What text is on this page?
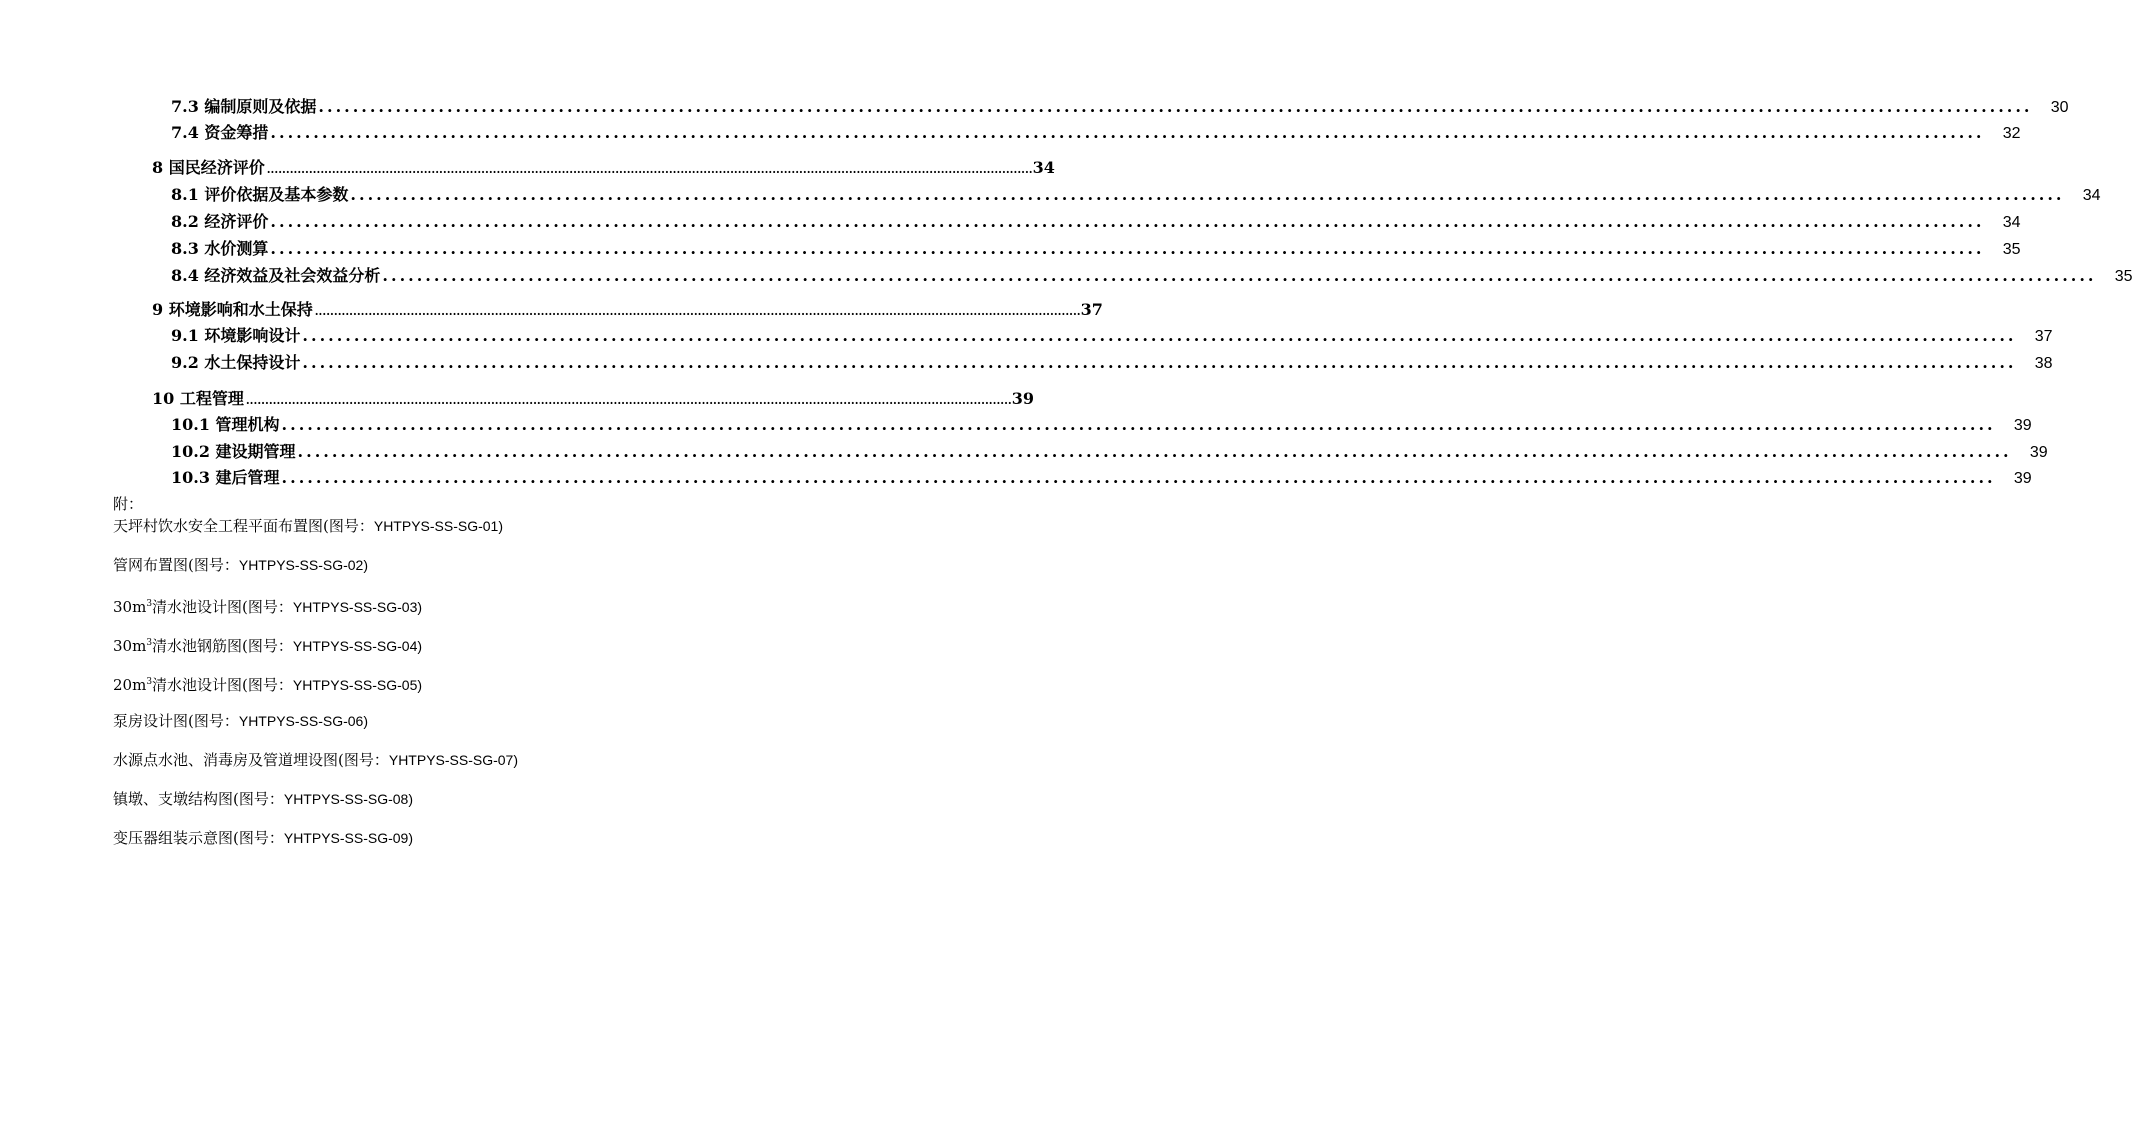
7.3 编制原则及依据 ........................................................................................................................................................................................................	30
7.4 资金筹措 ........................................................................................................................................................................................................	32
8 国民经济评价 ........................................................................................................................................................................................................ 34
8.1 评价依据及基本参数 ........................................................................................................................................................................................................	34
8.2 经济评价 ........................................................................................................................................................................................................	34
8.3 水价测算 ........................................................................................................................................................................................................	35
8.4 经济效益及社会效益分析 ........................................................................................................................................................................................................	35
9 环境影响和水土保持 ........................................................................................................................................................................................................ 37
9.1 环境影响设计 ........................................................................................................................................................................................................	37
9.2 水土保持设计 ........................................................................................................................................................................................................	38
10 工程管理 ........................................................................................................................................................................................................ 39
10.1 管理机构 ........................................................................................................................................................................................................	39
10.2 建设期管理 ........................................................................................................................................................................................................	39
10.3 建后管理 ........................................................................................................................................................................................................	39
附：
天坪村饮水安全工程平面布置图(图号：YHTPYS-SS-SG-01)
管网布置图(图号：YHTPYS-SS-SG-02)
$30m^3$清水池设计图(图号：YHTPYS-SS-SG-03)
$30m^3$清水池钢筋图(图号：YHTPYS-SS-SG-04)
$20m^3$清水池设计图(图号：YHTPYS-SS-SG-05)
泵房设计图(图号：YHTPYS-SS-SG-06)
水源点水池、消毒房及管道埋设图(图号：YHTPYS-SS-SG-07)
镇墩、支墩结构图(图号：YHTPYS-SS-SG-08)
变压器组装示意图(图号：YHTPYS-SS-SG-09)
